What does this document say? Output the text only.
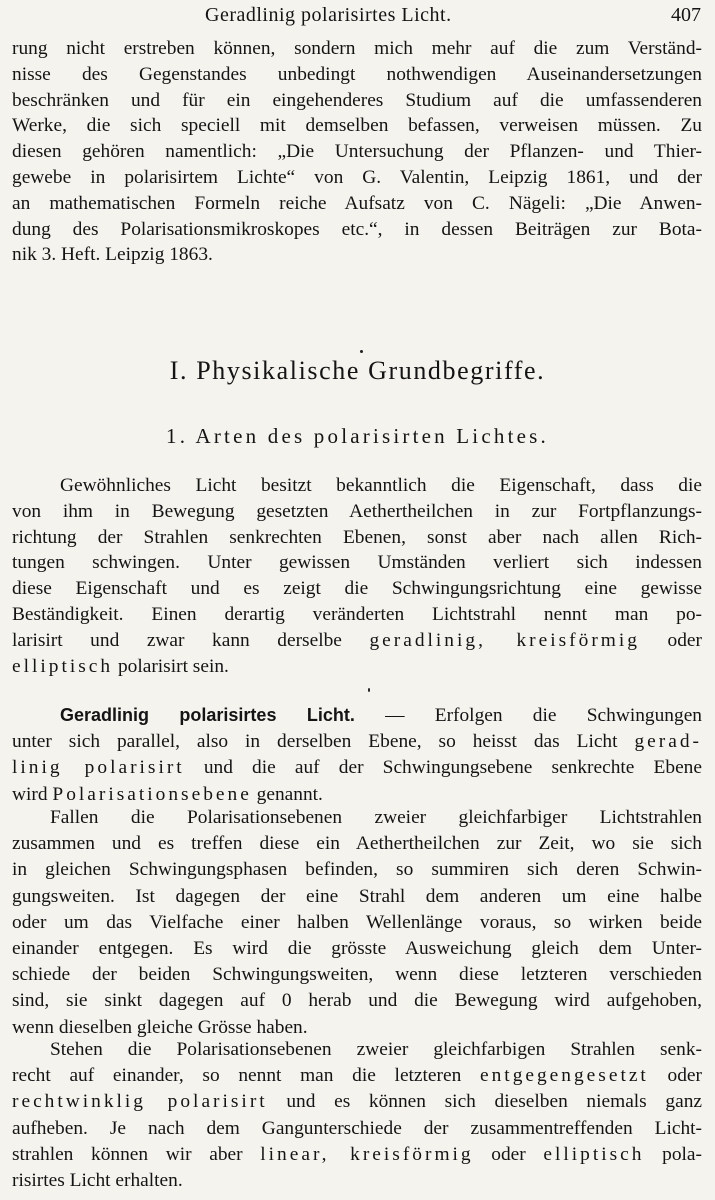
Geradlinig polarisirtes Licht.	407
rung nicht erstreben können, sondern mich mehr auf die zum Verständ-
nisse des Gegenstandes unbedingt nothwendigen Auseinandersetzungen
beschränken und für ein eingehenderes Studium auf die umfassenderen
Werke, die sich speciell mit demselben befassen, verweisen müssen. Zu
diesen gehören namentlich: „Die Untersuchung der Pflanzen- und Thier-
gewebe in polarisirtem Lichte“ von G. Valentin, Leipzig 1861, und der
an mathematischen Formeln reiche Aufsatz von C. Nägeli: „Die Anwen-
dung des Polarisationsmikroskopes etc.“, in dessen Beiträgen zur Bota-
nik 3. Heft. Leipzig 1863.
I. Physikalische Grundbegriffe.
1. Arten des polarisirten Lichtes.
Gewöhnliches Licht besitzt bekanntlich die Eigenschaft, dass die
von ihm in Bewegung gesetzten Aethertheilchen in zur Fortpflanzungs-
richtung der Strahlen senkrechten Ebenen, sonst aber nach allen Rich-
tungen schwingen. Unter gewissen Umständen verliert sich indessen
diese Eigenschaft und es zeigt die Schwingungsrichtung eine gewisse
Beständigkeit. Einen derartig veränderten Lichtstrahl nennt man po-
larisirt und zwar kann derselbe geradlinig, kreisförmig oder
elliptisch polarisirt sein.
Geradlinig polarisirtes Licht. — Erfolgen die Schwingungen
unter sich parallel, also in derselben Ebene, so heisst das Licht gerad-
linig polarisirt und die auf der Schwingungsebene senkrechte Ebene
wird Polarisationsebene genannt.
Fallen die Polarisationsebenen zweier gleichfarbiger Lichtstrahlen
zusammen und es treffen diese ein Aethertheilchen zur Zeit, wo sie sich
in gleichen Schwingungsphasen befinden, so summiren sich deren Schwin-
gungsweiten. Ist dagegen der eine Strahl dem anderen um eine halbe
oder um das Vielfache einer halben Wellenlänge voraus, so wirken beide
einander entgegen. Es wird die grösste Ausweichung gleich dem Unter-
schiede der beiden Schwingungsweiten, wenn diese letzteren verschieden
sind, sie sinkt dagegen auf 0 herab und die Bewegung wird aufgehoben,
wenn dieselben gleiche Grösse haben.
Stehen die Polarisationsebenen zweier gleichfarbigen Strahlen senk-
recht auf einander, so nennt man die letzteren entgegengesetzt oder
rechtwinklig polarisirt und es können sich dieselben niemals ganz
aufheben. Je nach dem Gangunterschiede der zusammentreffenden Licht-
strahlen können wir aber linear, kreisförmig oder elliptisch pola-
risirtes Licht erhalten.
